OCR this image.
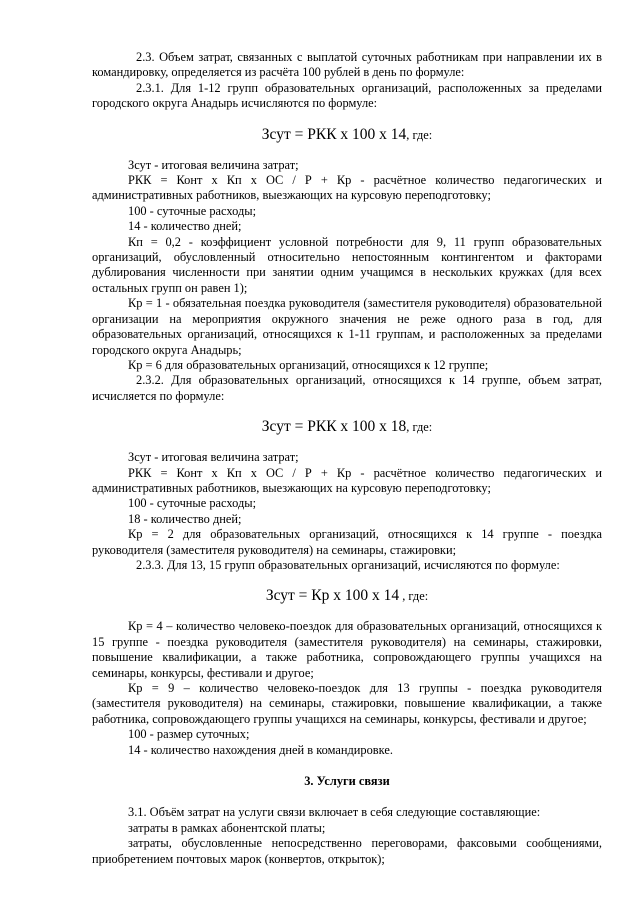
2.3. Объем затрат, связанных с выплатой суточных работникам при направлении их в командировку, определяется из расчёта 100 рублей в день по формуле:

2.3.1. Для 1-12 групп образовательных организаций, расположенных за пределами городского округа Анадырь исчисляются по формуле:

Зсут = РКК х 100 х 14, где:

Зсут - итоговая величина затрат;

РКК = Конт х Кп х ОС / Р + Кр - расчётное количество педагогических и административных работников, выезжающих на курсовую переподготовку;

100 - суточные расходы;

14 - количество дней;

Кп = 0,2 - коэффициент условной потребности для 9, 11 групп образовательных организаций, обусловленный относительно непостоянным контингентом и факторами дублирования численности при занятии одним учащимся в нескольких кружках (для всех остальных групп он равен 1);

Кр = 1 - обязательная поездка руководителя (заместителя руководителя) образовательной организации на мероприятия окружного значения не реже одного раза в год, для образовательных организаций, относящихся к 1-11 группам, и расположенных за пределами городского округа Анадырь;

Кр = 6 для образовательных организаций, относящихся к 12 группе;

2.3.2. Для образовательных организаций, относящихся к 14 группе, объем затрат, исчисляется по формуле:

Зсут = РКК х 100 х 18, где:

Зсут - итоговая величина затрат;

РКК = Конт х Кп х ОС / Р + Кр - расчётное количество педагогических и административных работников, выезжающих на курсовую переподготовку;

100 - суточные расходы;

18 - количество дней;

Кр = 2 для образовательных организаций, относящихся к 14 группе - поездка руководителя (заместителя руководителя) на семинары, стажировки;

2.3.3. Для 13, 15 групп образовательных организаций, исчисляются по формуле:

Зсут = Кр х 100 х 14 , где:

Кр = 4 – количество человеко-поездок для образовательных организаций, относящихся к 15 группе - поездка руководителя (заместителя руководителя) на семинары, стажировки, повышение квалификации, а также работника, сопровождающего группы учащихся на семинары, конкурсы, фестивали и другое;

Кр = 9 – количество человеко-поездок для 13 группы - поездка руководителя (заместителя руководителя) на семинары, стажировки, повышение квалификации, а также работника, сопровождающего группы учащихся на семинары, конкурсы, фестивали и другое;

100 - размер суточных;

14 - количество нахождения дней в командировке.

3. Услуги связи

3.1. Объём затрат на услуги связи включает в себя следующие составляющие:

затраты в рамках абонентской платы;

затраты, обусловленные непосредственно переговорами, факсовыми сообщениями, приобретением почтовых марок (конвертов, открыток);
